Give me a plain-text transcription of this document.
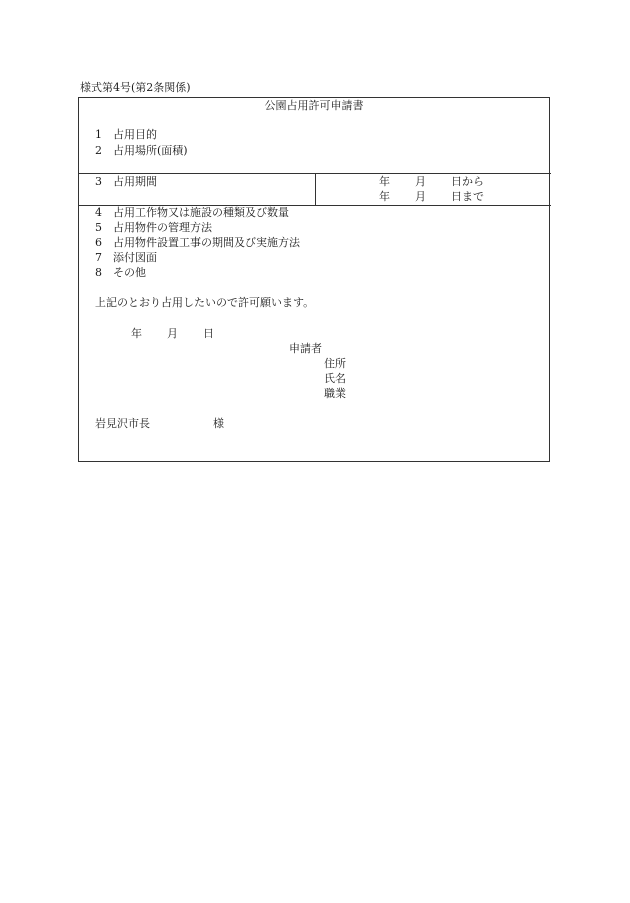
様式第4号(第2条関係)
公園占用許可申請書
1 占用目的
2 占用場所(面積)
3 占用期間	年 月 日から
年 月 日まで
4 占用工作物又は施設の種類及び数量
5 占用物件の管理方法
6 占用物件設置工事の期間及び実施方法
7 添付図面
8 その他
上記のとおり占用したいので許可願います。
年 月 日
申請者
住所
氏名
職業
岩見沢市長	様
